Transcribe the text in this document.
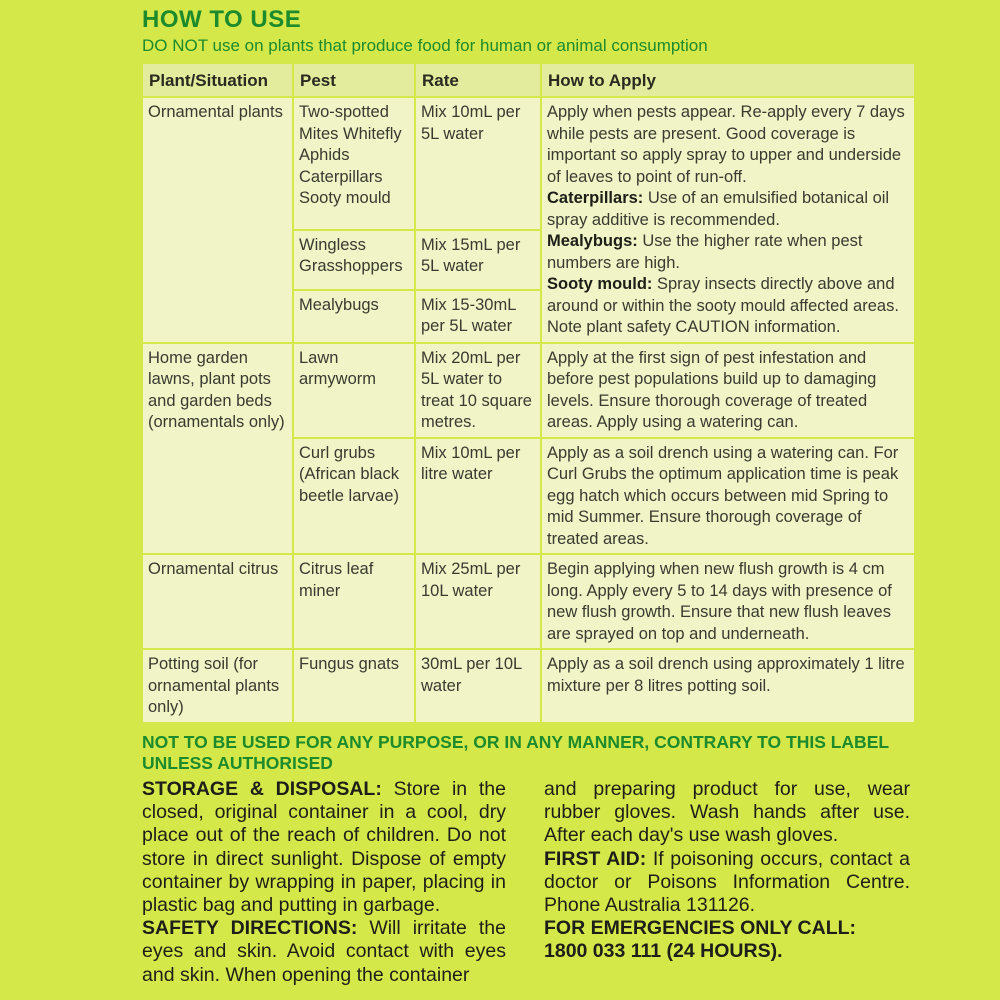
HOW TO USE
DO NOT use on plants that produce food for human or animal consumption
Plant/Situation	Pest	Rate	How to Apply
Ornamental plants	Two-spotted Mites Whitefly Aphids Caterpillars Sooty mould	Mix 10mL per 5L water	Apply when pests appear. Re-apply every 7 days while pests are present. Good coverage is important so apply spray to upper and underside of leaves to point of run-off.
Caterpillars: Use of an emulsified botanical oil spray additive is recommended.
Mealybugs: Use the higher rate when pest numbers are high.
Sooty mould: Spray insects directly above and around or within the sooty mould affected areas. Note plant safety CAUTION information.
	Wingless Grasshoppers	Mix 15mL per 5L water	
	Mealybugs	Mix 15-30mL per 5L water	
Home garden lawns, plant pots and garden beds (ornamentals only)	Lawn armyworm	Mix 20mL per 5L water to treat 10 square metres.	Apply at the first sign of pest infestation and before pest populations build up to damaging levels. Ensure thorough coverage of treated areas. Apply using a watering can.
	Curl grubs (African black beetle larvae)	Mix 10mL per litre water	Apply as a soil drench using a watering can. For Curl Grubs the optimum application time is peak egg hatch which occurs between mid Spring to mid Summer. Ensure thorough coverage of treated areas.
Ornamental citrus	Citrus leaf miner	Mix 25mL per 10L water	Begin applying when new flush growth is 4 cm long. Apply every 5 to 14 days with presence of new flush growth. Ensure that new flush leaves are sprayed on top and underneath.
Potting soil (for ornamental plants only)	Fungus gnats	30mL per 10L water	Apply as a soil drench using approximately 1 litre mixture per 8 litres potting soil.
NOT TO BE USED FOR ANY PURPOSE, OR IN ANY MANNER, CONTRARY TO THIS LABEL UNLESS AUTHORISED
STORAGE & DISPOSAL: Store in the closed, original container in a cool, dry place out of the reach of children. Do not store in direct sunlight. Dispose of empty container by wrapping in paper, placing in plastic bag and putting in garbage.
SAFETY DIRECTIONS: Will irritate the eyes and skin. Avoid contact with eyes and skin. When opening the container
and preparing product for use, wear rubber gloves. Wash hands after use. After each day's use wash gloves.
FIRST AID: If poisoning occurs, contact a doctor or Poisons Information Centre. Phone Australia 131126.
FOR EMERGENCIES ONLY CALL:
1800 033 111 (24 HOURS).
